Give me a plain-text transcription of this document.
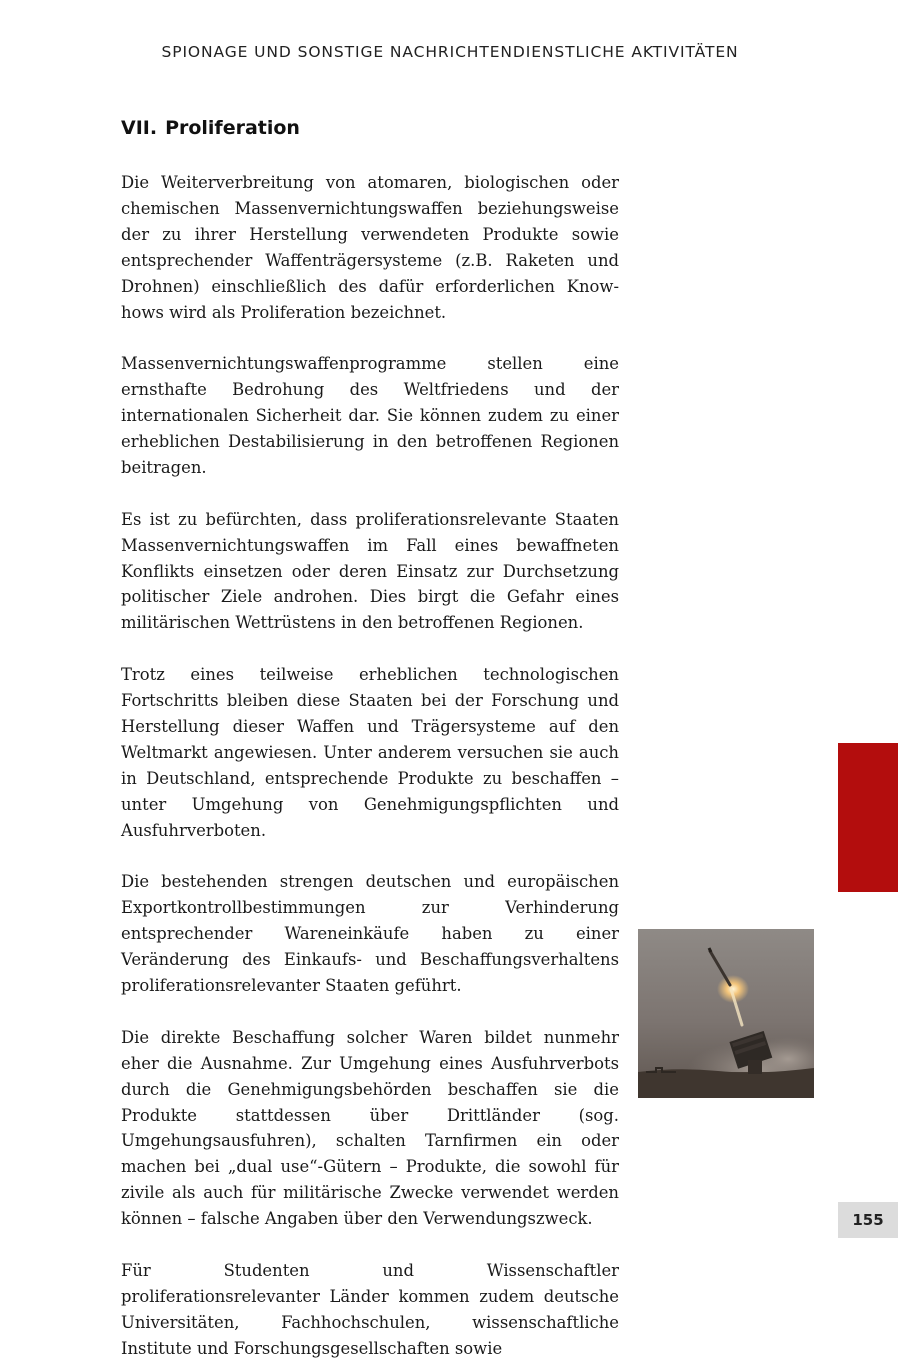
SPIONAGE UND SONSTIGE NACHRICHTENDIENSTLICHE AKTIVITÄTEN
VII. Proliferation

Die Weiterverbreitung von atomaren, biologischen oder chemischen Massenvernichtungswaffen beziehungsweise der zu ihrer Herstellung verwendeten Produkte sowie entsprechender Waffenträgersysteme (z.B. Raketen und Drohnen) einschließlich des dafür erforderlichen Know-hows wird als Proliferation bezeichnet.

Massenvernichtungswaffenprogramme stellen eine ernsthafte Bedrohung des Weltfriedens und der internationalen Sicherheit dar. Sie können zudem zu einer erheblichen Destabilisierung in den betroffenen Regionen beitragen.

Es ist zu befürchten, dass proliferationsrelevante Staaten Massenvernichtungswaffen im Fall eines bewaffneten Konflikts einsetzen oder deren Einsatz zur Durchsetzung politischer Ziele androhen. Dies birgt die Gefahr eines militärischen Wettrüstens in den betroffenen Regionen.

Trotz eines teilweise erheblichen technologischen Fortschritts bleiben diese Staaten bei der Forschung und Herstellung dieser Waffen und Trägersysteme auf den Weltmarkt angewiesen. Unter anderem versuchen sie auch in Deutschland, entsprechende Produkte zu beschaffen – unter Umgehung von Genehmigungspflichten und Ausfuhrverboten.

Die bestehenden strengen deutschen und europäischen Exportkontrollbestimmungen zur Verhinderung entsprechender Wareneinkäufe haben zu einer Veränderung des Einkaufs- und Beschaffungsverhaltens proliferationsrelevanter Staaten geführt.

Die direkte Beschaffung solcher Waren bildet nunmehr eher die Ausnahme. Zur Umgehung eines Ausfuhrverbots durch die Genehmigungsbehörden beschaffen sie die Produkte stattdessen über Drittländer (sog. Umgehungsausfuhren), schalten Tarnfirmen ein oder machen bei „dual use“-Gütern – Produkte, die sowohl für zivile als auch für militärische Zwecke verwendet werden können – falsche Angaben über den Verwendungszweck.

Für Studenten und Wissenschaftler proliferationsrelevanter Länder kommen zudem deutsche Universitäten, Fachhochschulen, wissenschaftliche Institute und Forschungsgesellschaften sowie

155
